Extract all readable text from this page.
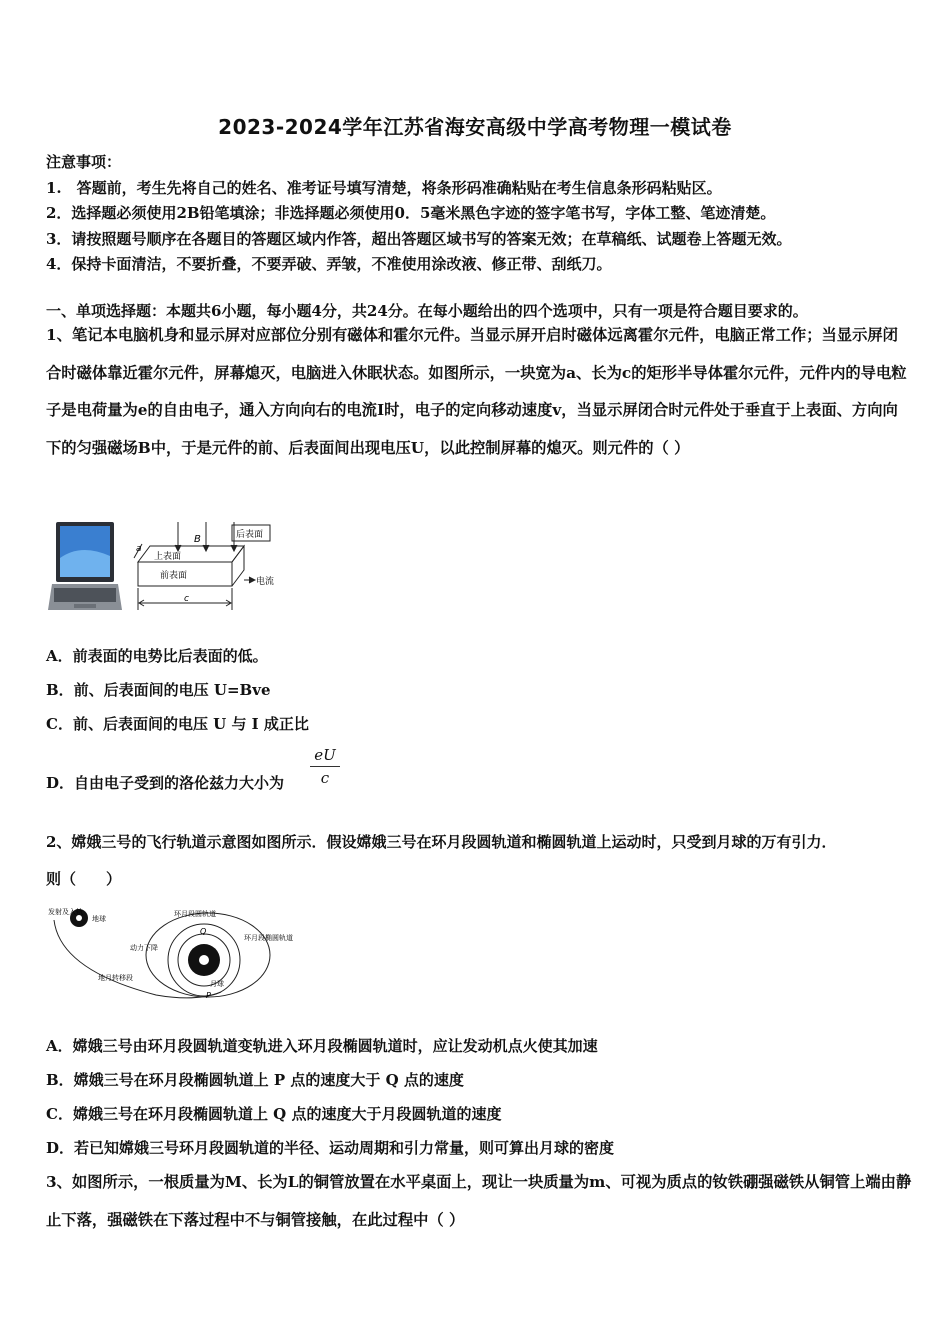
2023-2024学年江苏省海安高级中学高考物理一模试卷
注意事项：
1.　答题前，考生先将自己的姓名、准考证号填写清楚，将条形码准确粘贴在考生信息条形码粘贴区。
2．选择题必须使用2B铅笔填涂；非选择题必须使用0．5毫米黑色字迹的签字笔书写，字体工整、笔迹清楚。
3．请按照题号顺序在各题目的答题区域内作答，超出答题区域书写的答案无效；在草稿纸、试题卷上答题无效。
4．保持卡面清洁，不要折叠，不要弄破、弄皱，不准使用涂改液、修正带、刮纸刀。
一、单项选择题：本题共6小题，每小题4分，共24分。在每小题给出的四个选项中，只有一项是符合题目要求的。
1、笔记本电脑机身和显示屏对应部位分别有磁体和霍尔元件。当显示屏开启时磁体远离霍尔元件，电脑正常工作；当显示屏闭合时磁体靠近霍尔元件，屏幕熄灭，电脑进入休眠状态。如图所示，一块宽为a、长为c的矩形半导体霍尔元件，元件内的导电粒子是电荷量为e的自由电子，通入方向向右的电流I时，电子的定向移动速度v，当显示屏闭合时元件处于垂直于上表面、方向向下的匀强磁场B中，于是元件的前、后表面间出现电压U，以此控制屏幕的熄灭。则元件的（ ）
B	后表面
上表面
前表面
电流
a
c
A．前表面的电势比后表面的低。
B．前、后表面间的电压 U=Bve
C．前、后表面间的电压 U 与 I 成正比
D．自由电子受到的洛伦兹力大小为
eU
c
2、嫦娥三号的飞行轨道示意图如图所示．假设嫦娥三号在环月段圆轨道和椭圆轨道上运动时，只受到月球的万有引力．
则（　　）
发射及入轨
地球
环月段圆轨道
环月段椭圆轨道
动力下降
地月转移段
月球
Q
P
A．嫦娥三号由环月段圆轨道变轨进入环月段椭圆轨道时，应让发动机点火使其加速
B．嫦娥三号在环月段椭圆轨道上 P 点的速度大于 Q 点的速度
C．嫦娥三号在环月段椭圆轨道上 Q 点的速度大于月段圆轨道的速度
D．若已知嫦娥三号环月段圆轨道的半径、运动周期和引力常量，则可算出月球的密度
3、如图所示，一根质量为M、长为L的铜管放置在水平桌面上，现让一块质量为m、可视为质点的钕铁硼强磁铁从铜管上端由静止下落，强磁铁在下落过程中不与铜管接触，在此过程中（ ）
